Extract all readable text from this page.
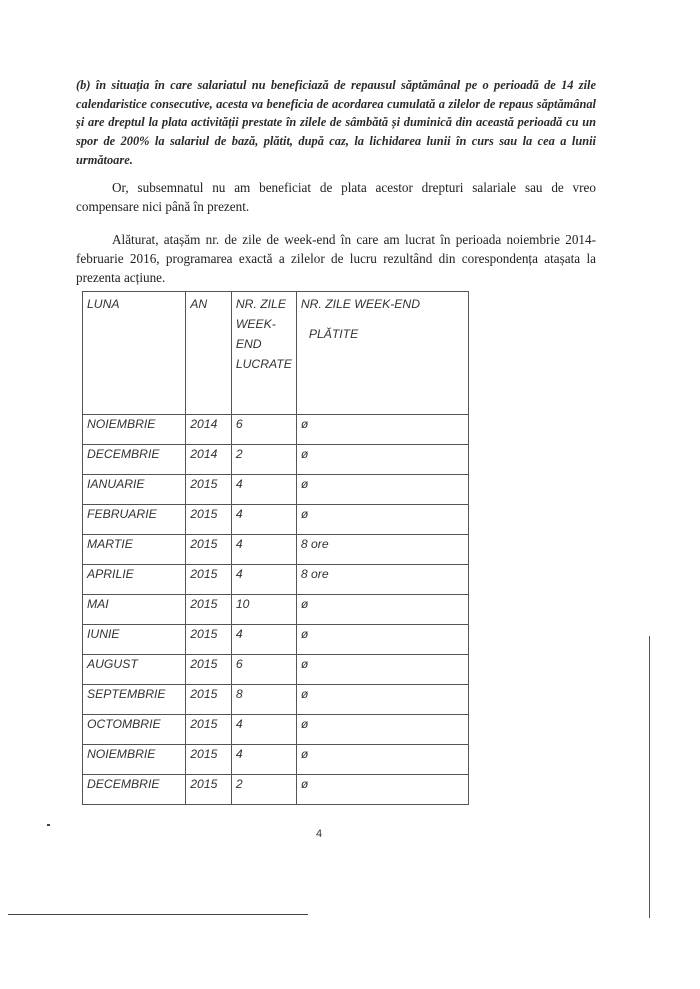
(b) în situația în care salariatul nu beneficiază de repausul săptămânal pe o perioadă de 14 zile calendaristice consecutive, acesta va beneficia de acordarea cumulată a zilelor de repaus săptămânal și are dreptul la plata activității prestate în zilele de sâmbătă și duminică din această perioadă cu un spor de 200% la salariul de bază, plătit, după caz, la lichidarea lunii în curs sau la cea a lunii următoare.
Or, subsemnatul nu am beneficiat de plata acestor drepturi salariale sau de vreo compensare nici până în prezent.
Alăturat, atașăm nr. de zile de week-end în care am lucrat în perioada noiembrie 2014-februarie 2016, programarea exactă a zilelor de lucru rezultând din corespondența atașata la prezenta acțiune.
LUNA	AN	NR. ZILE WEEK-END LUCRATE	NR. ZILE WEEK-END
PLĂTITE

NOIEMBRIE	2014	6	ø
DECEMBRIE	2014	2	ø
IANUARIE	2015	4	ø
FEBRUARIE	2015	4	ø
MARTIE	2015	4	8 ore
APRILIE	2015	4	8 ore
MAI	2015	10	ø
IUNIE	2015	4	ø
AUGUST	2015	6	ø
SEPTEMBRIE	2015	8	ø
OCTOMBRIE	2015	4	ø
NOIEMBRIE	2015	4	ø
DECEMBRIE	2015	2	ø
4
